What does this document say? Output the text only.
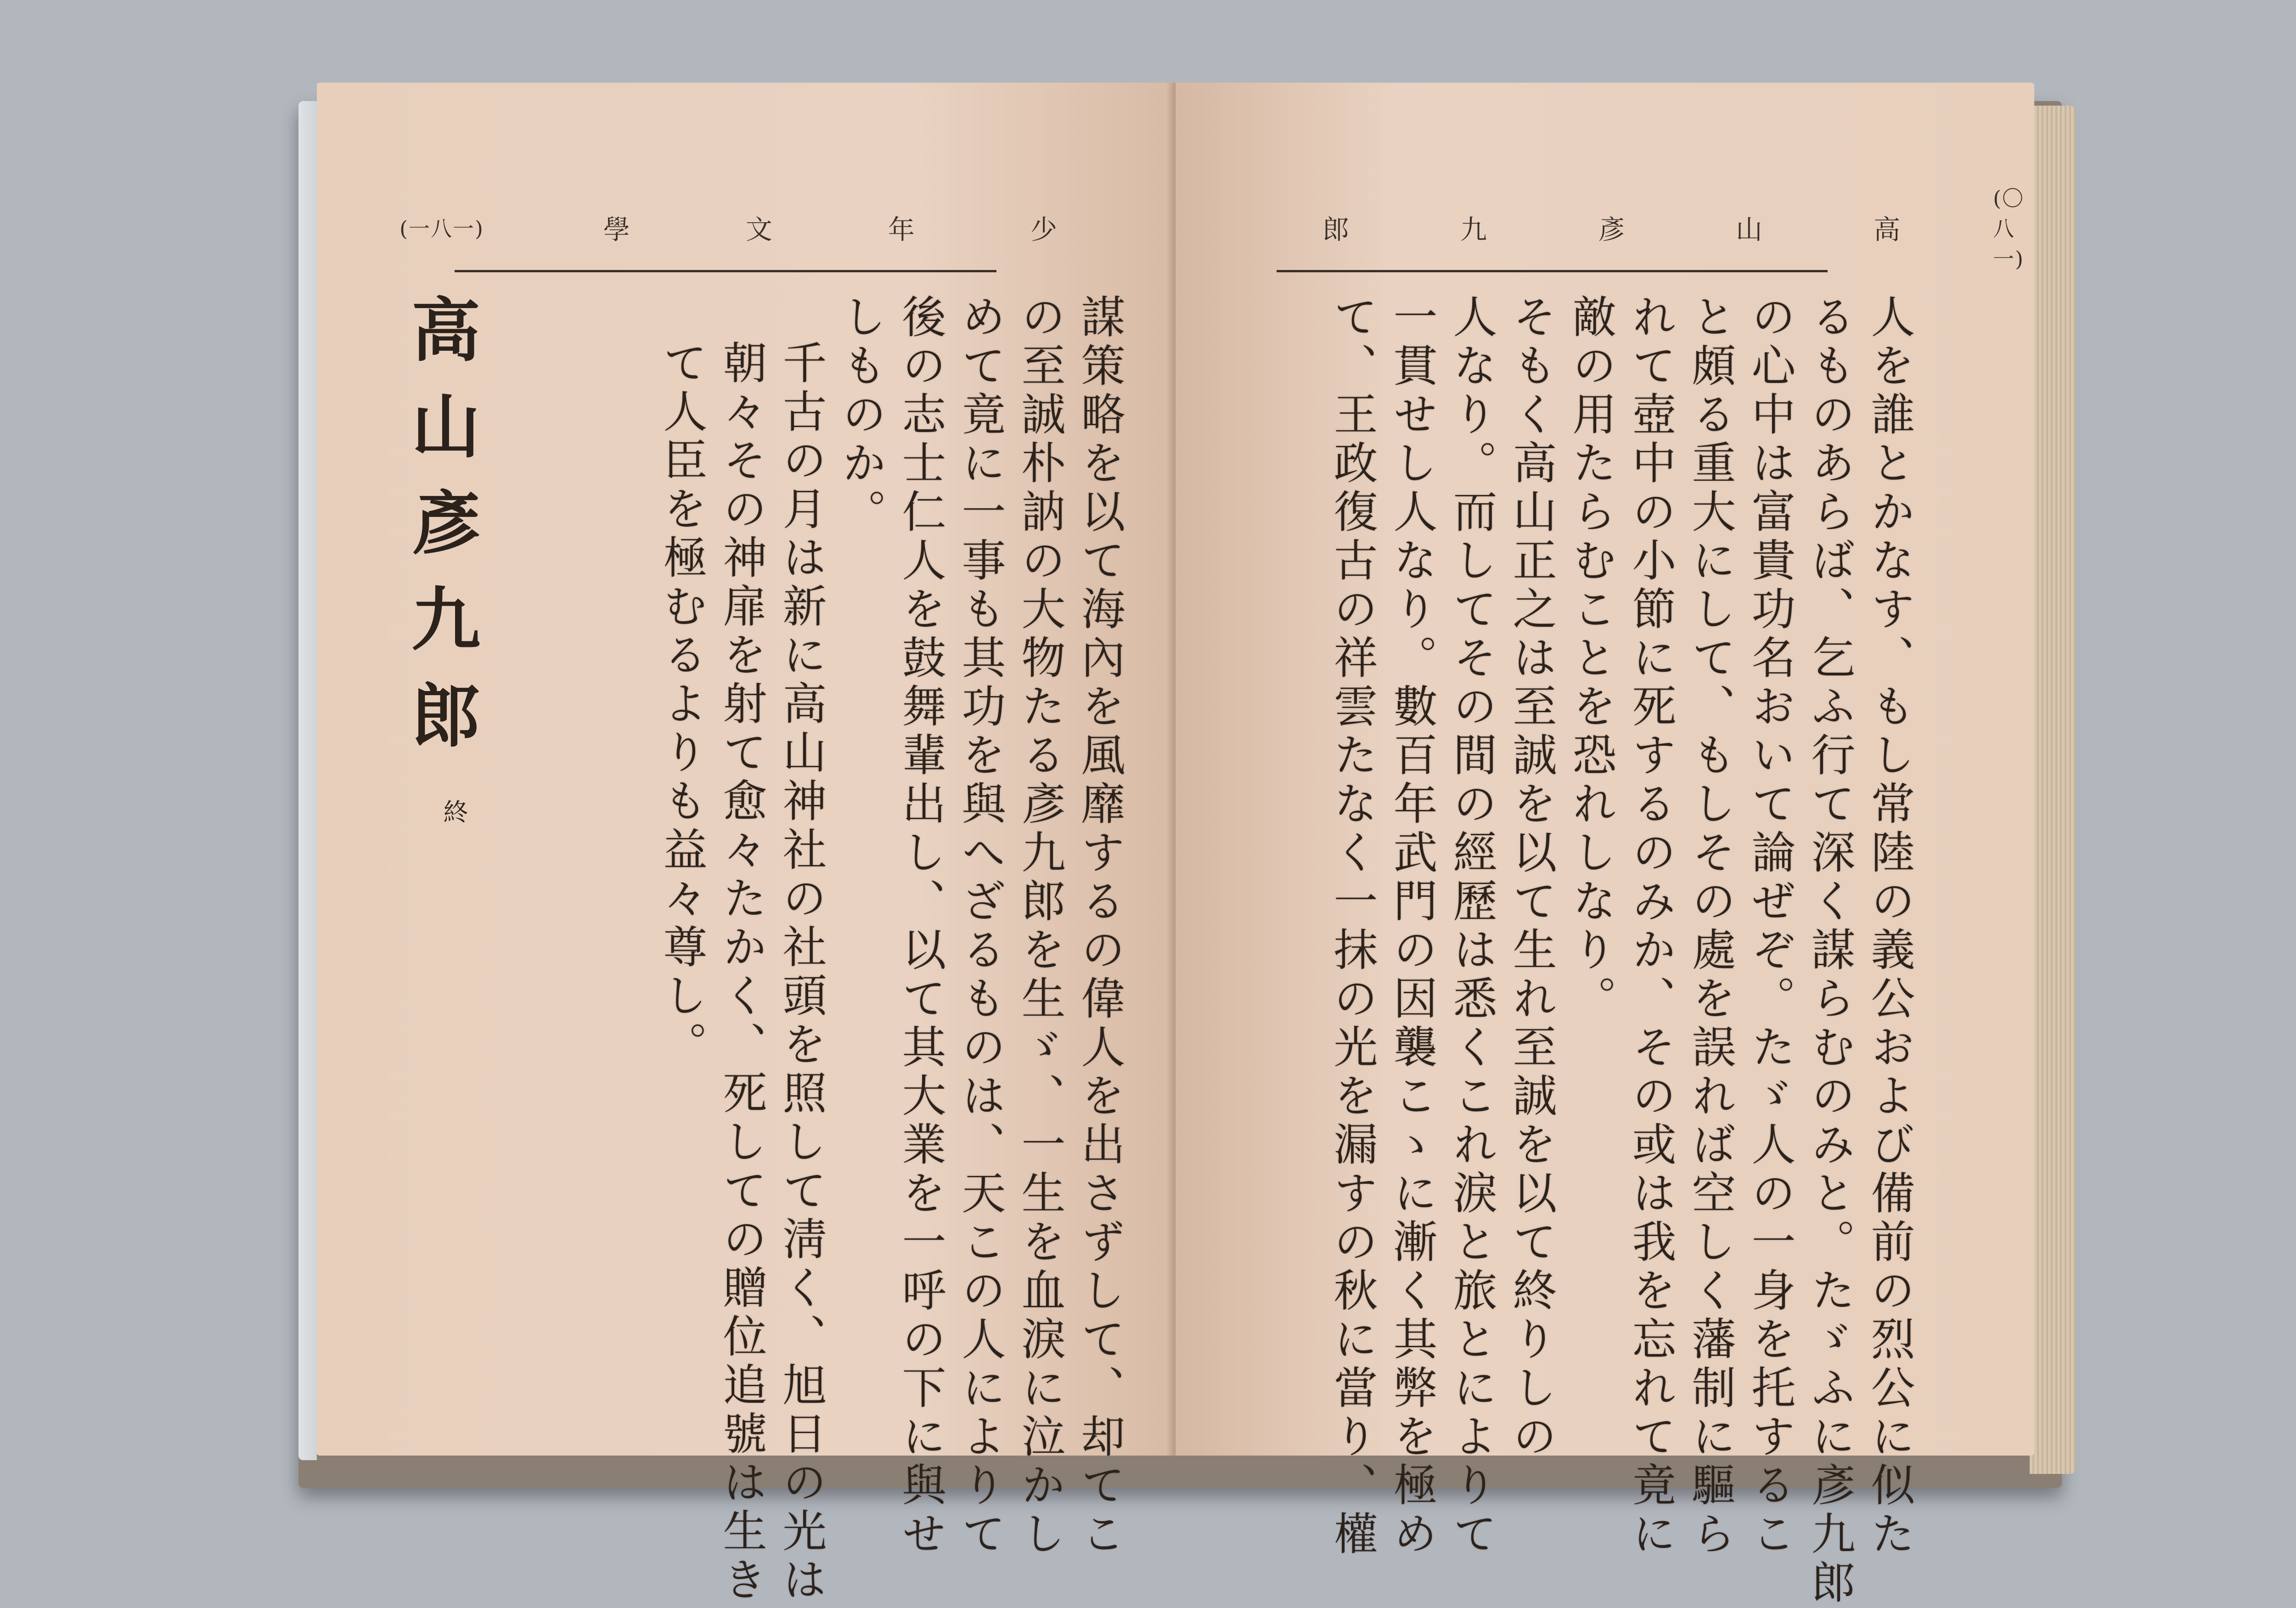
(一八一)	學	文	年	少
謀策略を以て海內を風靡するの偉人を出さずして、却てこ
の至誠朴訥の大物たる彥九郎を生ゞ、一生を血淚に泣かし
めて竟に一事も其功を與へざるものは、天この人によりて
後の志士仁人を鼓舞輩出し、以て其大業を一呼の下に與せ
しものか。
千古の月は新に高山神社の社頭を照して淸く、旭日の光は
朝々その神扉を射て愈々たかく、死しての贈位追號は生き
て人臣を極むるよりも益々尊し。
高山彥九郎
終
郎	九	彥	山	高
(〇八一)
人を誰とかなす、もし常陸の義公および備前の烈公に似た
るものあらば、乞ふ行て深く謀らむのみと。たゞふに彥九郎
の心中は富貴功名おいて論ぜぞ。たゞ人の一身を托するこ
と頗る重大にして、もしその處を誤れば空しく藩制に驅ら
れて壺中の小節に死するのみか、その或は我を忘れて竟に
敵の用たらむことを恐れしなり。
そもく高山正之は至誠を以て生れ至誠を以て終りしの
人なり。而してその間の經歷は悉くこれ淚と旅とによりて
一貫せし人なり。數百年武門の因襲こゝに漸く其弊を極め
て、王政復古の祥雲たなく一抹の光を漏すの秋に當り、權
